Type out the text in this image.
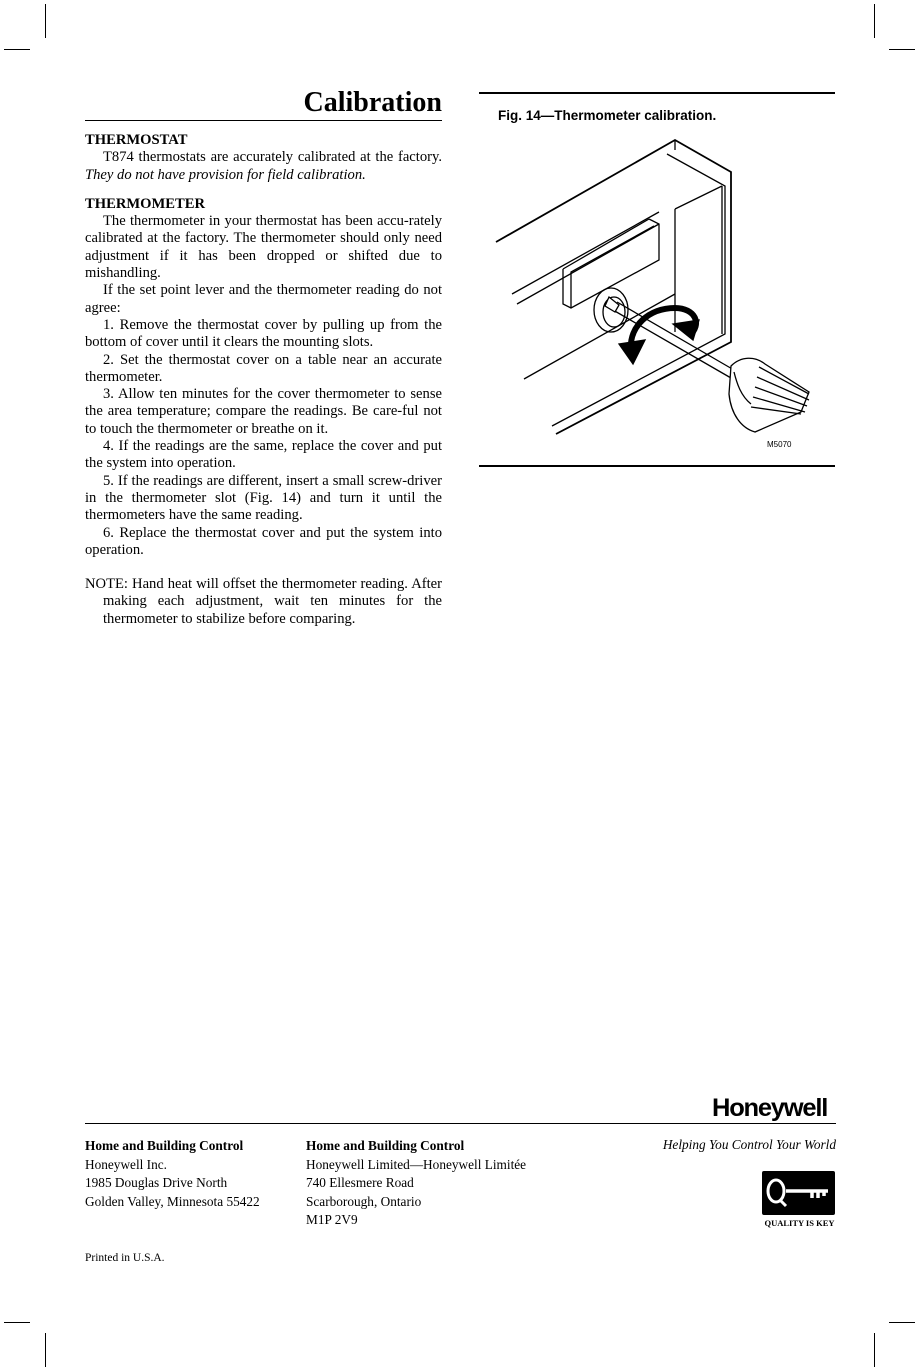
Calibration
THERMOSTAT

T874 thermostats are accurately calibrated at the factory. They do not have provision for field calibration.

THERMOMETER

The thermometer in your thermostat has been accu-rately calibrated at the factory. The thermometer should only need adjustment if it has been dropped or shifted due to mishandling.

If the set point lever and the thermometer reading do not agree:

1. Remove the thermostat cover by pulling up from the bottom of cover until it clears the mounting slots.

2. Set the thermostat cover on a table near an accurate thermometer.

3. Allow ten minutes for the cover thermometer to sense the area temperature; compare the readings. Be care-ful not to touch the thermometer or breathe on it.

4. If the readings are the same, replace the cover and put the system into operation.

5. If the readings are different, insert a small screw-driver in the thermometer slot (Fig. 14) and turn it until the thermometers have the same reading.

6. Replace the thermostat cover and put the system into operation.

NOTE: Hand heat will offset the thermometer reading. After making each adjustment, wait ten minutes for the thermometer to stabilize before comparing.

Fig. 14—Thermometer calibration.
M5070
Honeywell
Home and Building Control
Honeywell Inc.
1985 Douglas Drive North
Golden Valley, Minnesota 55422
Home and Building Control
Honeywell Limited—Honeywell Limitée
740 Ellesmere Road
Scarborough, Ontario
M1P 2V9
Helping You Control Your World
QUALITY IS KEY
Printed in U.S.A.
